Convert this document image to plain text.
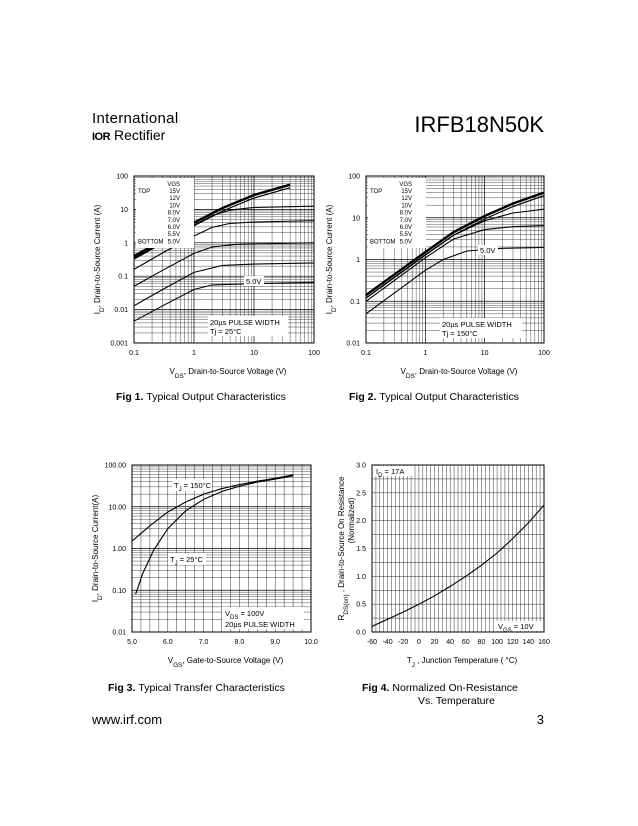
International
IOR Rectifier	IRFB18N50K
0.1	1	10	100
0.001
0.01
0.1
1
10
100
$V_{DS}$, Drain-to-Source Voltage (V)
$I_D$, Drain-to-Source Current (A)
VGS
TOP	15V
12V
10V
8.0V
7.0V
6.0V
5.5V
BOTTOM 5.0V
20µs PULSE WIDTH
Tj = 25°C
5.0V
0.1	1	10	100
0.01
0.1
1
10
100
$V_{DS}$, Drain-to-Source Voltage (V)
$I_D$, Drain-to-Source Current (A)
VGS
TOP	15V
12V
10V
8.0V
7.0V
6.0V
5.5V
BOTTOM 5.0V
20µs PULSE WIDTH
Tj = 150°C
5.0V
5.0	6.0	7.0	8.0	9.0	10.0
0.01
0.10
1.00
10.00
100.00
$V_{GS}$, Gate-to-Source Voltage (V)
$I_D$, Drain-to-Source Current(A)
$T_J = 150^\circ C$
$T_J = 25^\circ C$
$V_{DS} = 100V$
20µs PULSE WIDTH
-60 -40 -20 0 20 40 60 80 100 120 140 160
0.0
0.5
1.0
1.5
2.0
2.5
3.0
$T_J$ , Junction Temperature ( °C)
$R_{DS(on)}$ , Drain-to-Source On Resistance (Normalized)
$I_D = 17A$
$V_{GS} = 10V$
Fig 1. Typical Output Characteristics	Fig 2. Typical Output Characteristics
Fig 3. Typical Transfer Characteristics	Fig 4. Normalized On-Resistance
Vs. Temperature
www.irf.com	3
